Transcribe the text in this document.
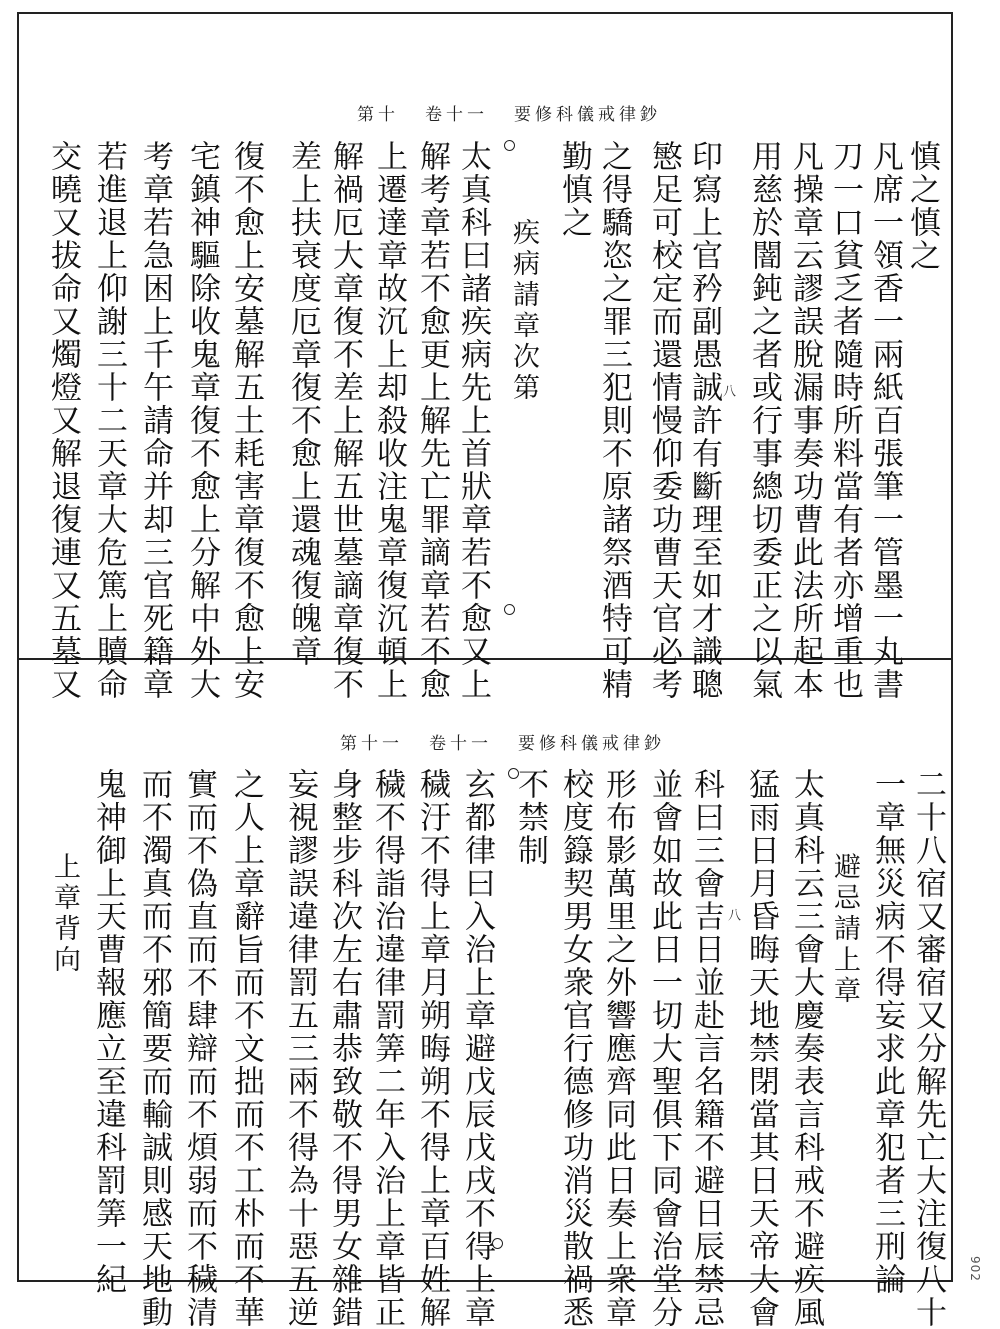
第十 卷十一 要修科儀戒律鈔
第十一 卷十一 要修科儀戒律鈔
慎之慎之
凡席一領香一兩紙百張筆一管墨一丸書
刀一口貧乏者隨時所料當有者亦增重也
凡操章云謬誤脫漏事奏功曹此法所起本
用慈於闇鈍之者或行事總切委正之以氣
印寫上官矜副愚誠許有斷理至如才識聰
慜足可校定而還情慢仰委功曹天官必考
之得驕恣之罪三犯則不原諸祭酒特可精
勤慎之
疾病請章次第
太真科曰諸疾病先上首狀章若不愈又上
解考章若不愈更上解先亡罪謫章若不愈
上遷達章故沉上却殺收注鬼章復沉頓上
解禍厄大章復不差上解五世墓謫章復不
差上扶衰度厄章復不愈上還魂復魄章
復不愈上安墓解五土耗害章復不愈上安
宅鎮神驅除收鬼章復不愈上分解中外大
考章若急困上千午請命并却三官死籍章
若進退上仰謝三十二天章大危篤上贖命
交曉又拔命又燭燈又解退復連又五墓又	八
二十八宿又審宿又分解先亡大注復八十
一章無災病不得妄求此章犯者三刑論
避忌請上章
太真科云三會大慶奏表言科戒不避疾風
猛雨日月昏晦天地禁閉當其日天帝大會
科曰三會吉日並赴言名籍不避日辰禁忌
並會如故此日一切大聖俱下同會治堂分
形布影萬里之外響應齊同此日奏上衆章
校度籙契男女衆官行德修功消災散禍悉
不禁制
玄都律曰入治上章避戊辰戊戌不得上章
穢汙不得上章月朔晦朔不得上章百姓解
穢不得詣治違律罰筭二年入治上章皆正
身整步科次左右肅恭致敬不得男女雜錯
妄視謬誤違律罰五三兩不得為十惡五逆
之人上章辭旨而不文拙而不工朴而不華
實而不偽直而不肆辯而不煩弱而不穢清
而不濁真而不邪簡要而輸誠則感天地動
鬼神御上天曹報應立至違科罰筭一紀
上章背向	八
902
